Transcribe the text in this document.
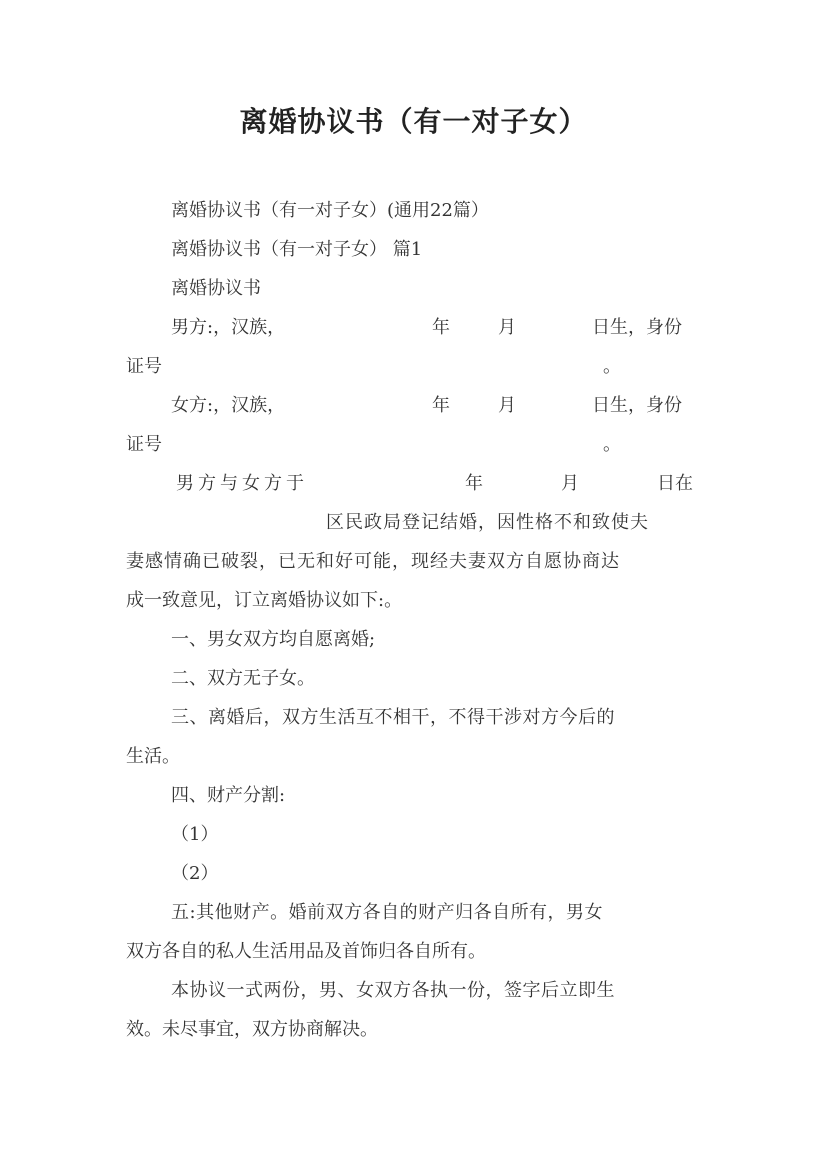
离婚协议书（有一对子女）
离婚协议书（有一对子女）(通用22篇）
离婚协议书（有一对子女） 篇1
离婚协议书
男方:，汉族，	年	月	日生，身份
证号	。
女方:，汉族，	年	月	日生，身份
证号	。
男方与女方于	年	月	日在
区民政局登记结婚，因性格不和致使夫
妻感情确已破裂，已无和好可能，现经夫妻双方自愿协商达
成一致意见，订立离婚协议如下:。
一、男女双方均自愿离婚;
二、双方无子女。
三、离婚后，双方生活互不相干，不得干涉对方今后的
生活。
四、财产分割:
（1）
（2）
五:其他财产。婚前双方各自的财产归各自所有，男女
双方各自的私人生活用品及首饰归各自所有。
本协议一式两份，男、女双方各执一份，签字后立即生
效。未尽事宜，双方协商解决。
